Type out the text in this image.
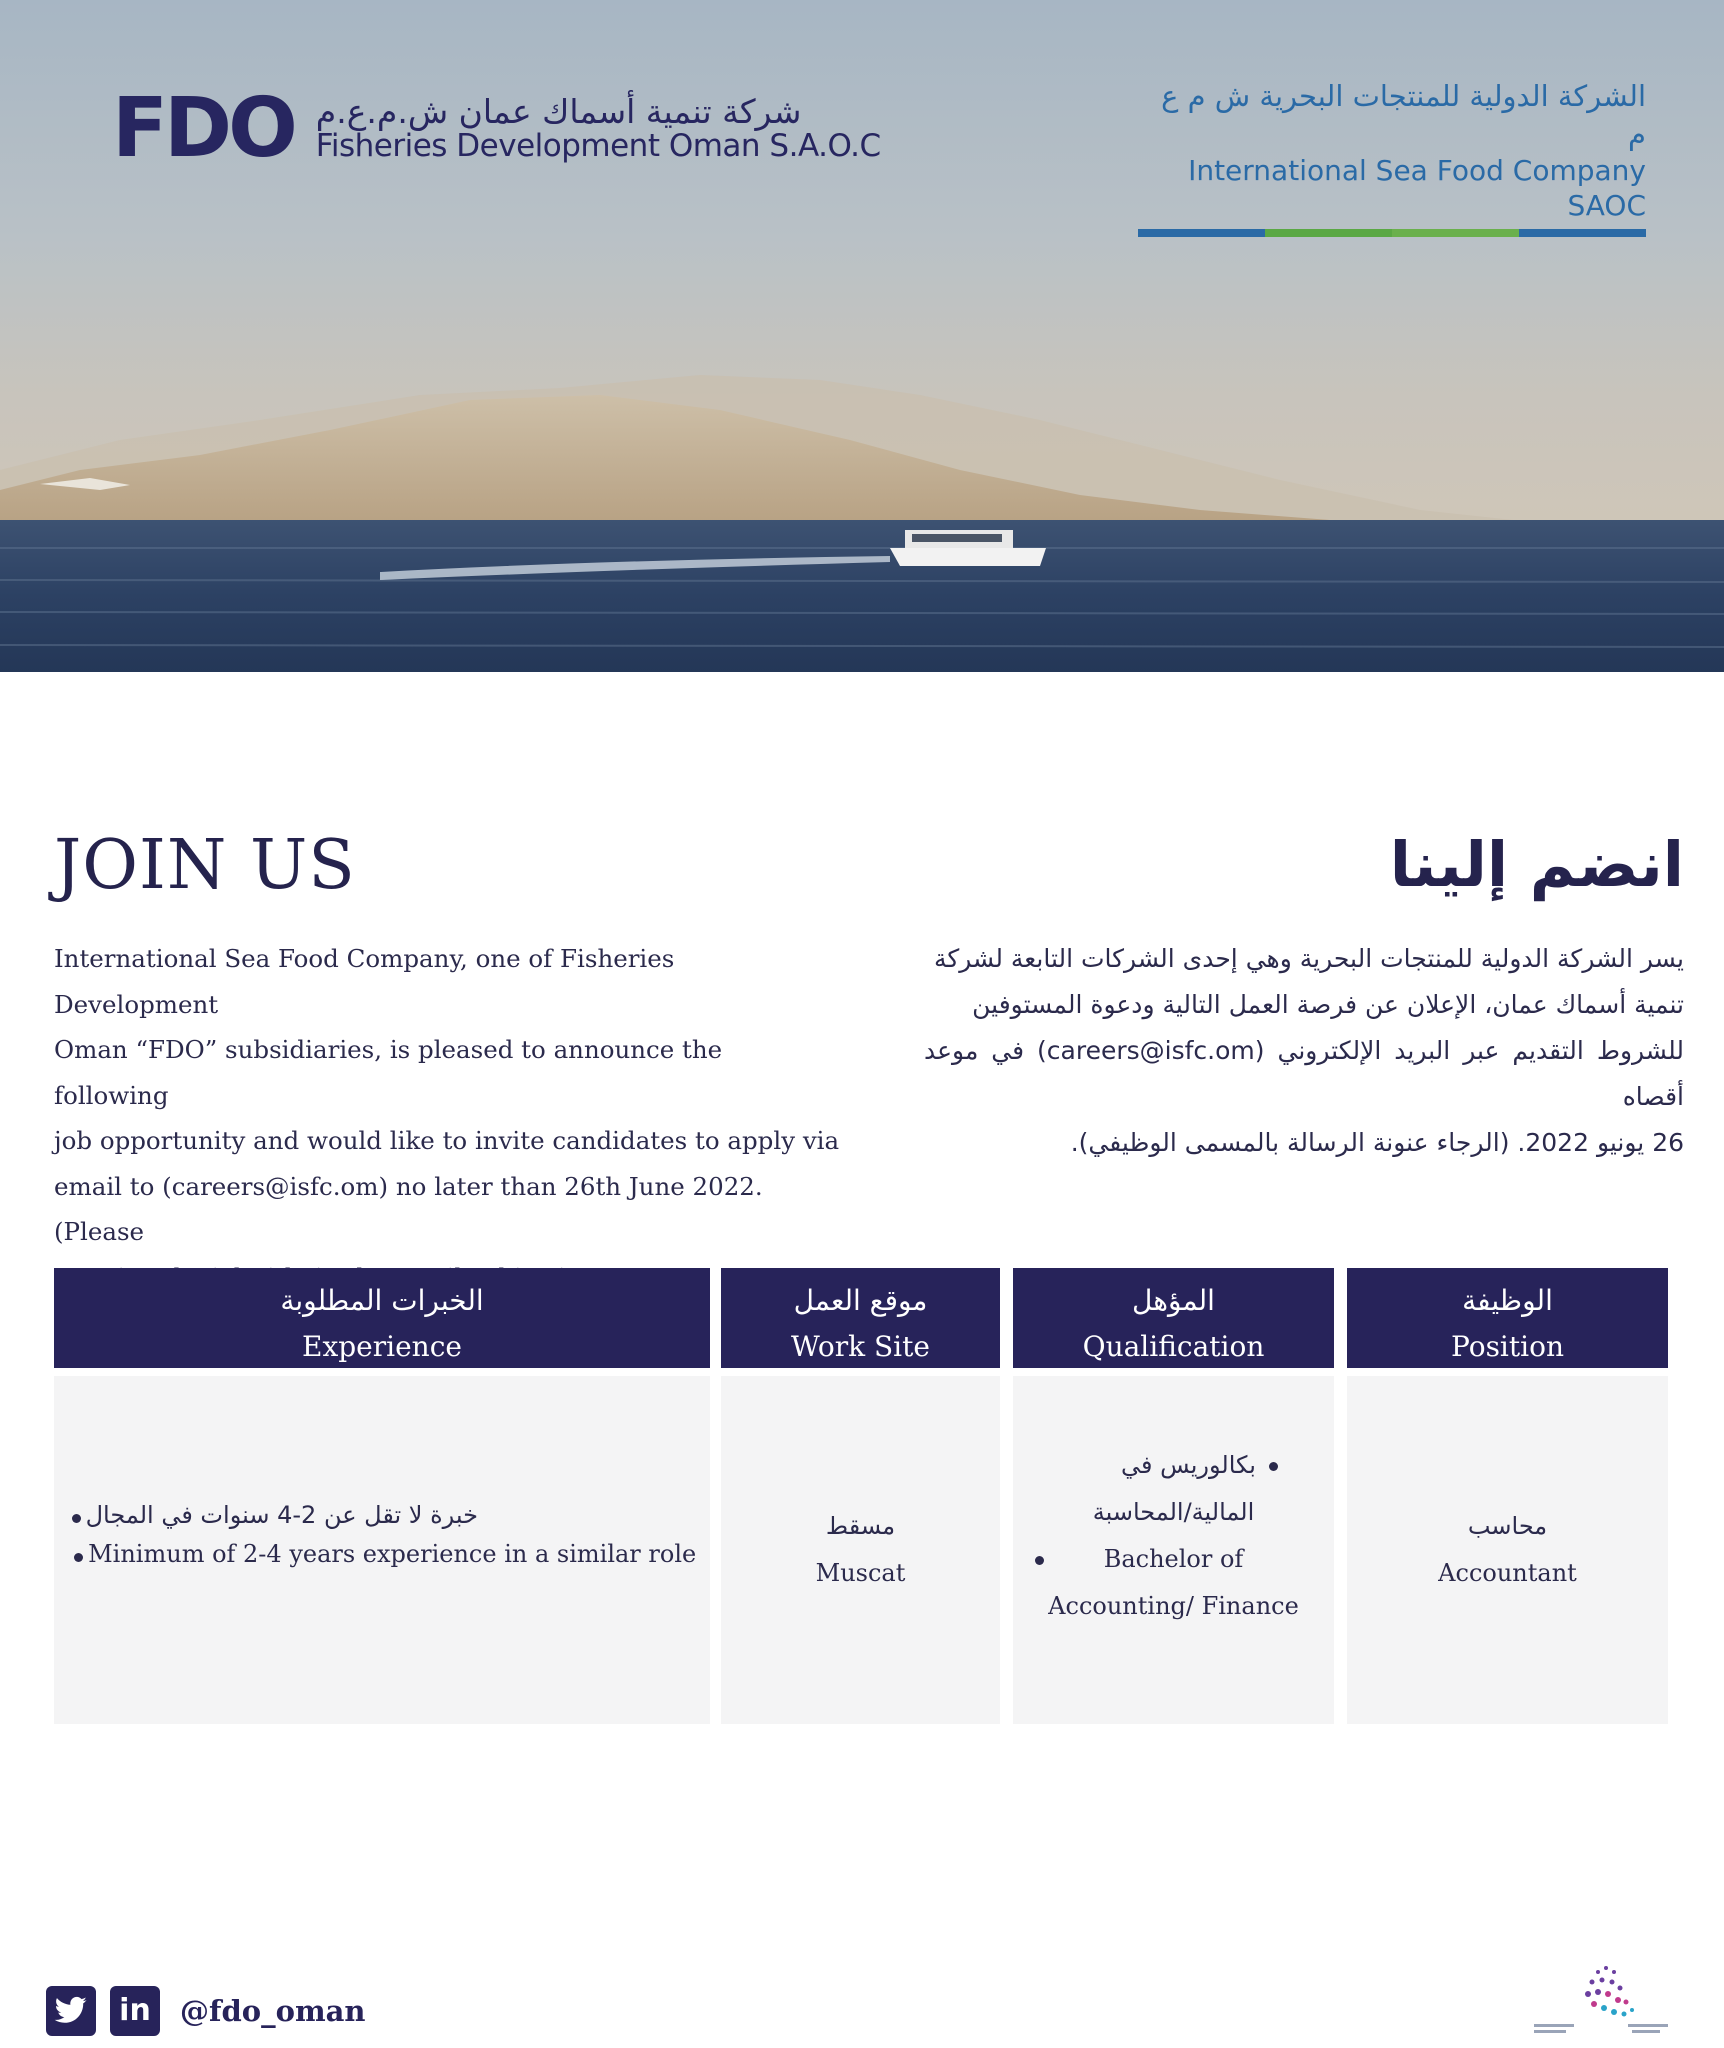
FDO شركة تنمية أسماك عمان ش.م.ع.م
Fisheries Development Oman S.A.O.C
الشركة الدولية للمنتجات البحرية ش م ع م
International Sea Food Company SAOC
JOIN US	انضم إلينا
International Sea Food Company, one of Fisheries Development
Oman “FDO” subsidiaries, is pleased to announce the following
job opportunity and would like to invite candidates to apply via
email to (careers@isfc.om) no later than 26th June 2022. (Please
يسر الشركة الدولية للمنتجات البحرية وهي إحدى الشركات التابعة لشركة
تنمية أسماك عمان، الإعلان عن فرصة العمل التالية ودعوة المستوفين
للشروط التقديم عبر البريد الإلكتروني (careers@isfc.om) في موعد أقصاه
26 يونيو 2022. (الرجاء عنونة الرسالة بالمسمى الوظيفي).
الخبرات المطلوبة
Experience
خبرة لا تقل عن 2-4 سنوات في المجال
Minimum of 2-4 years experience in a similar role
موقع العمل
Work Site
مسقط
Muscat
المؤهل
Qualification
بكالوريس في
المالية/المحاسبة
Bachelor of
Accounting/ Finance
الوظيفة
Position
محاسب
Accountant
in @fdo_oman
